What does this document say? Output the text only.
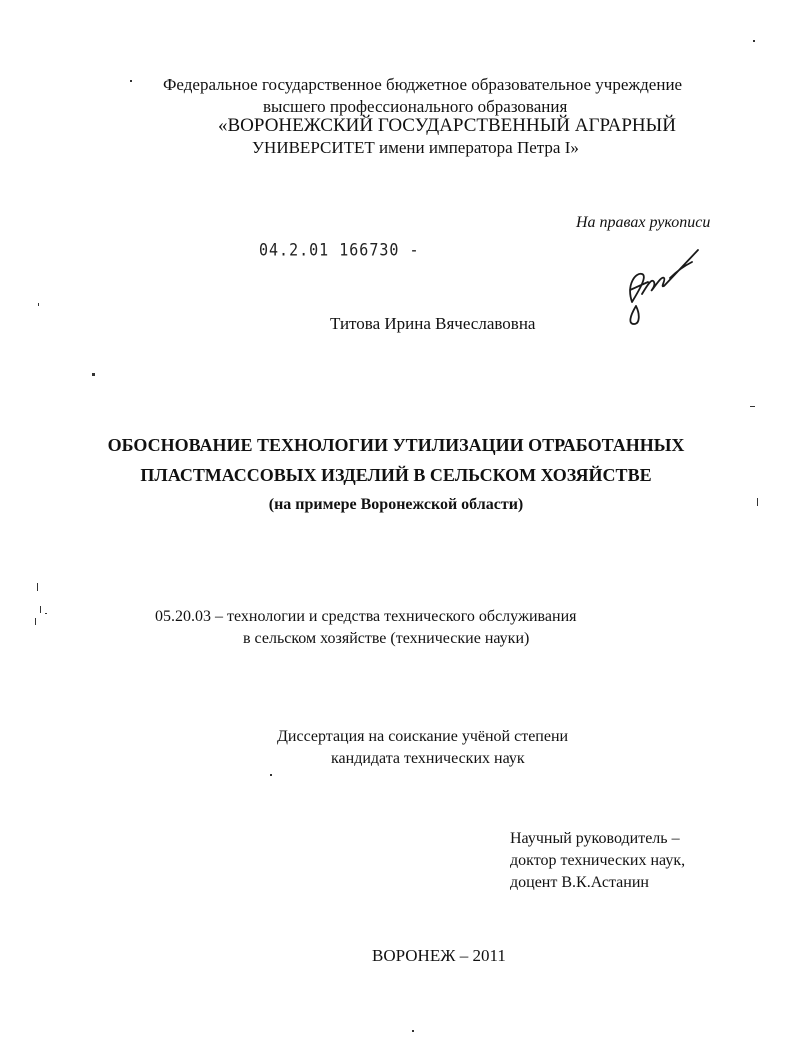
Федеральное государственное бюджетное образовательное учреждение
высшего профессионального образования
«ВОРОНЕЖСКИЙ ГОСУДАРСТВЕННЫЙ АГРАРНЫЙ
УНИВЕРСИТЕТ имени императора Петра I»
На правах рукописи
04.2.01 166730 -
Титова Ирина Вячеславовна
ОБОСНОВАНИЕ ТЕХНОЛОГИИ УТИЛИЗАЦИИ ОТРАБОТАННЫХ
ПЛАСТМАССОВЫХ ИЗДЕЛИЙ В СЕЛЬСКОМ ХОЗЯЙСТВЕ
(на примере Воронежской области)
05.20.03 – технологии и средства технического обслуживания
в сельском хозяйстве (технические науки)
Диссертация на соискание учёной степени
кандидата технических наук
Научный руководитель –
доктор технических наук,
доцент В.К.Астанин
ВОРОНЕЖ – 2011
